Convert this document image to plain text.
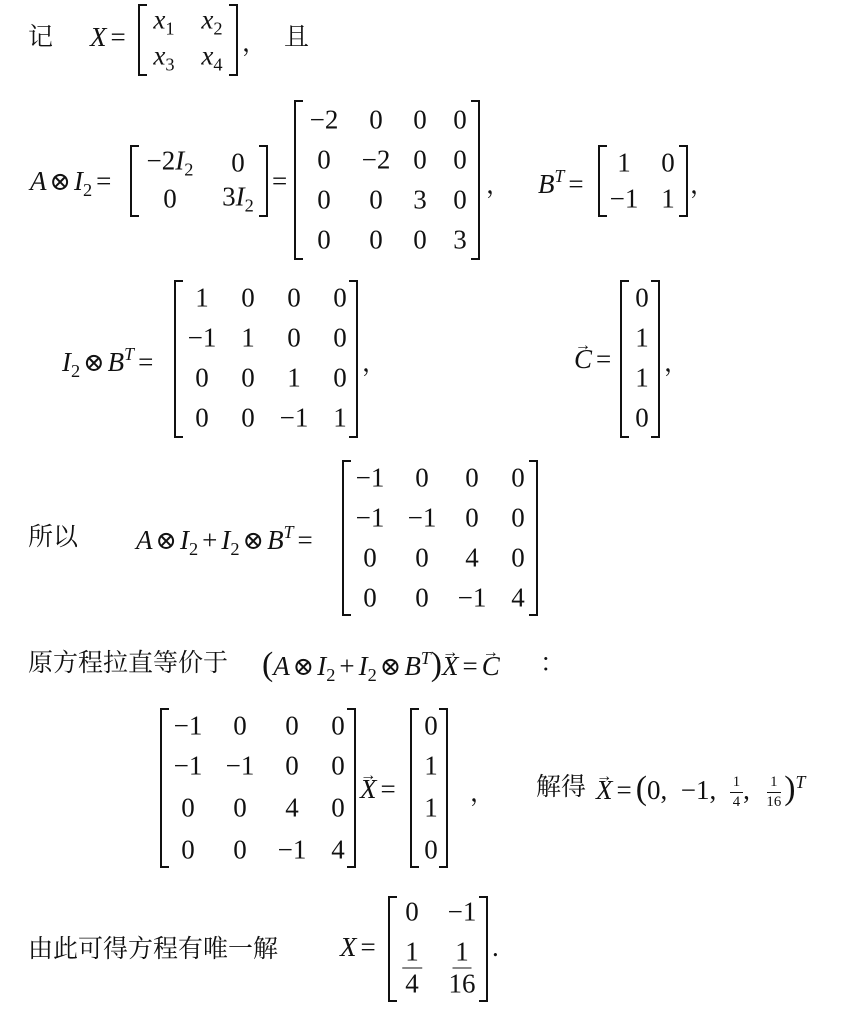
记 X =
$x_1$ $x_2$
$x_3$ $x_4$
， 且
A ⊗ $I_2$ =
$-2I_2$ 0
0 $3I_2$
=
−2 0 0 0
0 −2 0 0
0 0 3 0
0 0 0 3
， $B^T$ =
1 0
−1 1 ，
$I_2$ ⊗ $B^T$ =
1 0 0 0
−1 1 0 0
0 0 1 0
0 0 −1 1
，
→	C =
0
1
1
0
，
所以 A ⊗ $I_2 + I_2$ ⊗ $B^T$ =
−1 0 0 0
−1 −1 0 0
0 0 4 0
0 0 −1 4
原方程拉直等价于 (A ⊗ $I_2 + I_2$ ⊗ $B^T)\to X =\to C$ ：
−1 0 0 0
−1 −1 0 0
0 0 4 0
0 0 −1 4
→ X =
0
1
1
0
， 解得
→ X = (0,  −1, $\frac{1}{4}$ , $\frac{1}{16} )^T$
由此可得方程有唯一解 X =
0 −1
$\frac{1}{4} \frac{1}{16}$ .
